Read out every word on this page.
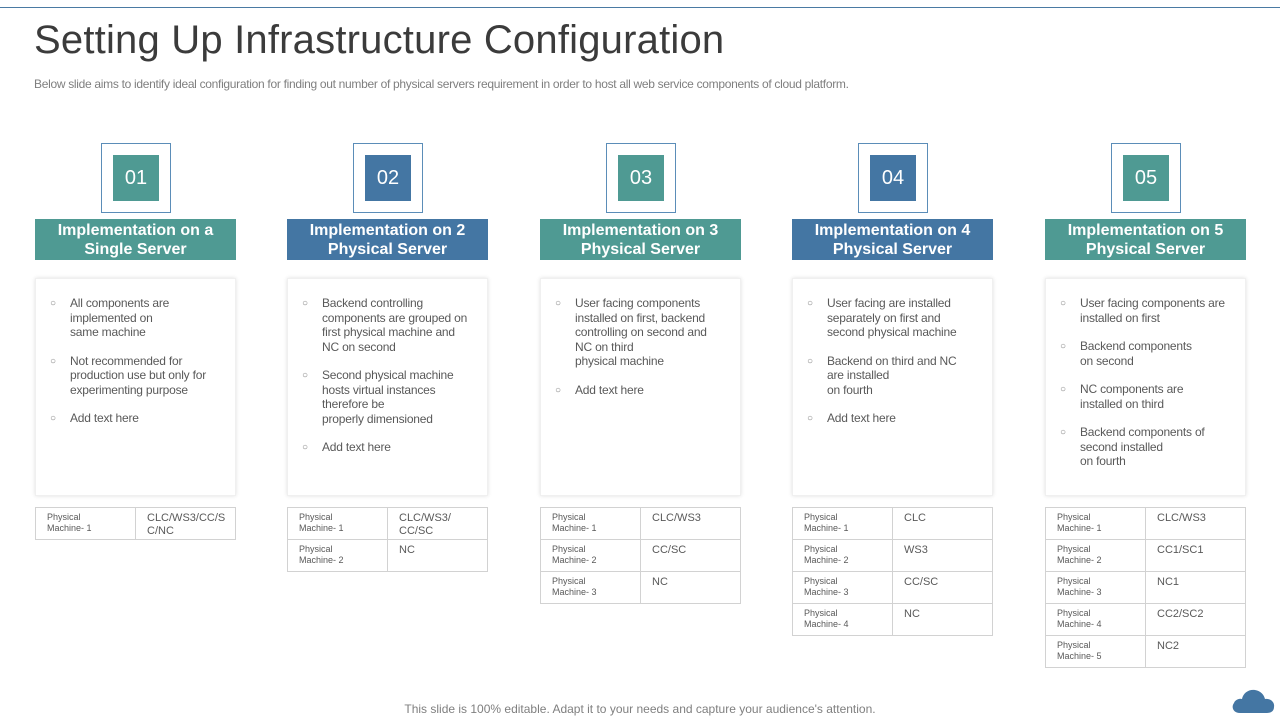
Setting Up Infrastructure Configuration

Below slide aims to identify ideal configuration for finding out number of physical servers requirement in order to host all web service components of cloud platform.

01
Implementation on a Single Server
○ All components are
implemented on
same machine
○ Not recommended for
production use but only for
experimenting purpose
○ Add text here
Physical
Machine- 1	CLC/WS3/CC/S
C/NC
02
Implementation on 2 Physical Server
○ Backend controlling
components are grouped on
first physical machine and
NC on second
○ Second physical machine
hosts virtual instances
therefore be
properly dimensioned
○ Add text here
Physical
Machine- 1	CLC/WS3/
CC/SC
Physical
Machine- 2	NC
03
Implementation on 3 Physical Server
○ User facing components
installed on first, backend
controlling on second and
NC on third
physical machine
○ Add text here
Physical
Machine- 1	CLC/WS3
Physical
Machine- 2	CC/SC
Physical
Machine- 3	NC
04
Implementation on 4 Physical Server
○ User facing are installed
separately on first and
second physical machine
○ Backend on third and NC
are installed
on fourth
○ Add text here
Physical
Machine- 1	CLC
Physical
Machine- 2	WS3
Physical
Machine- 3	CC/SC
Physical
Machine- 4	NC
05
Implementation on 5 Physical Server
○ User facing components are
installed on first
○ Backend components
on second
○ NC components are
installed on third
○ Backend components of
second installed
on fourth
Physical
Machine- 1	CLC/WS3
Physical
Machine- 2	CC1/SC1
Physical
Machine- 3	NC1
Physical
Machine- 4	CC2/SC2
Physical
Machine- 5	NC2
This slide is 100% editable. Adapt it to your needs and capture your audience's attention.
